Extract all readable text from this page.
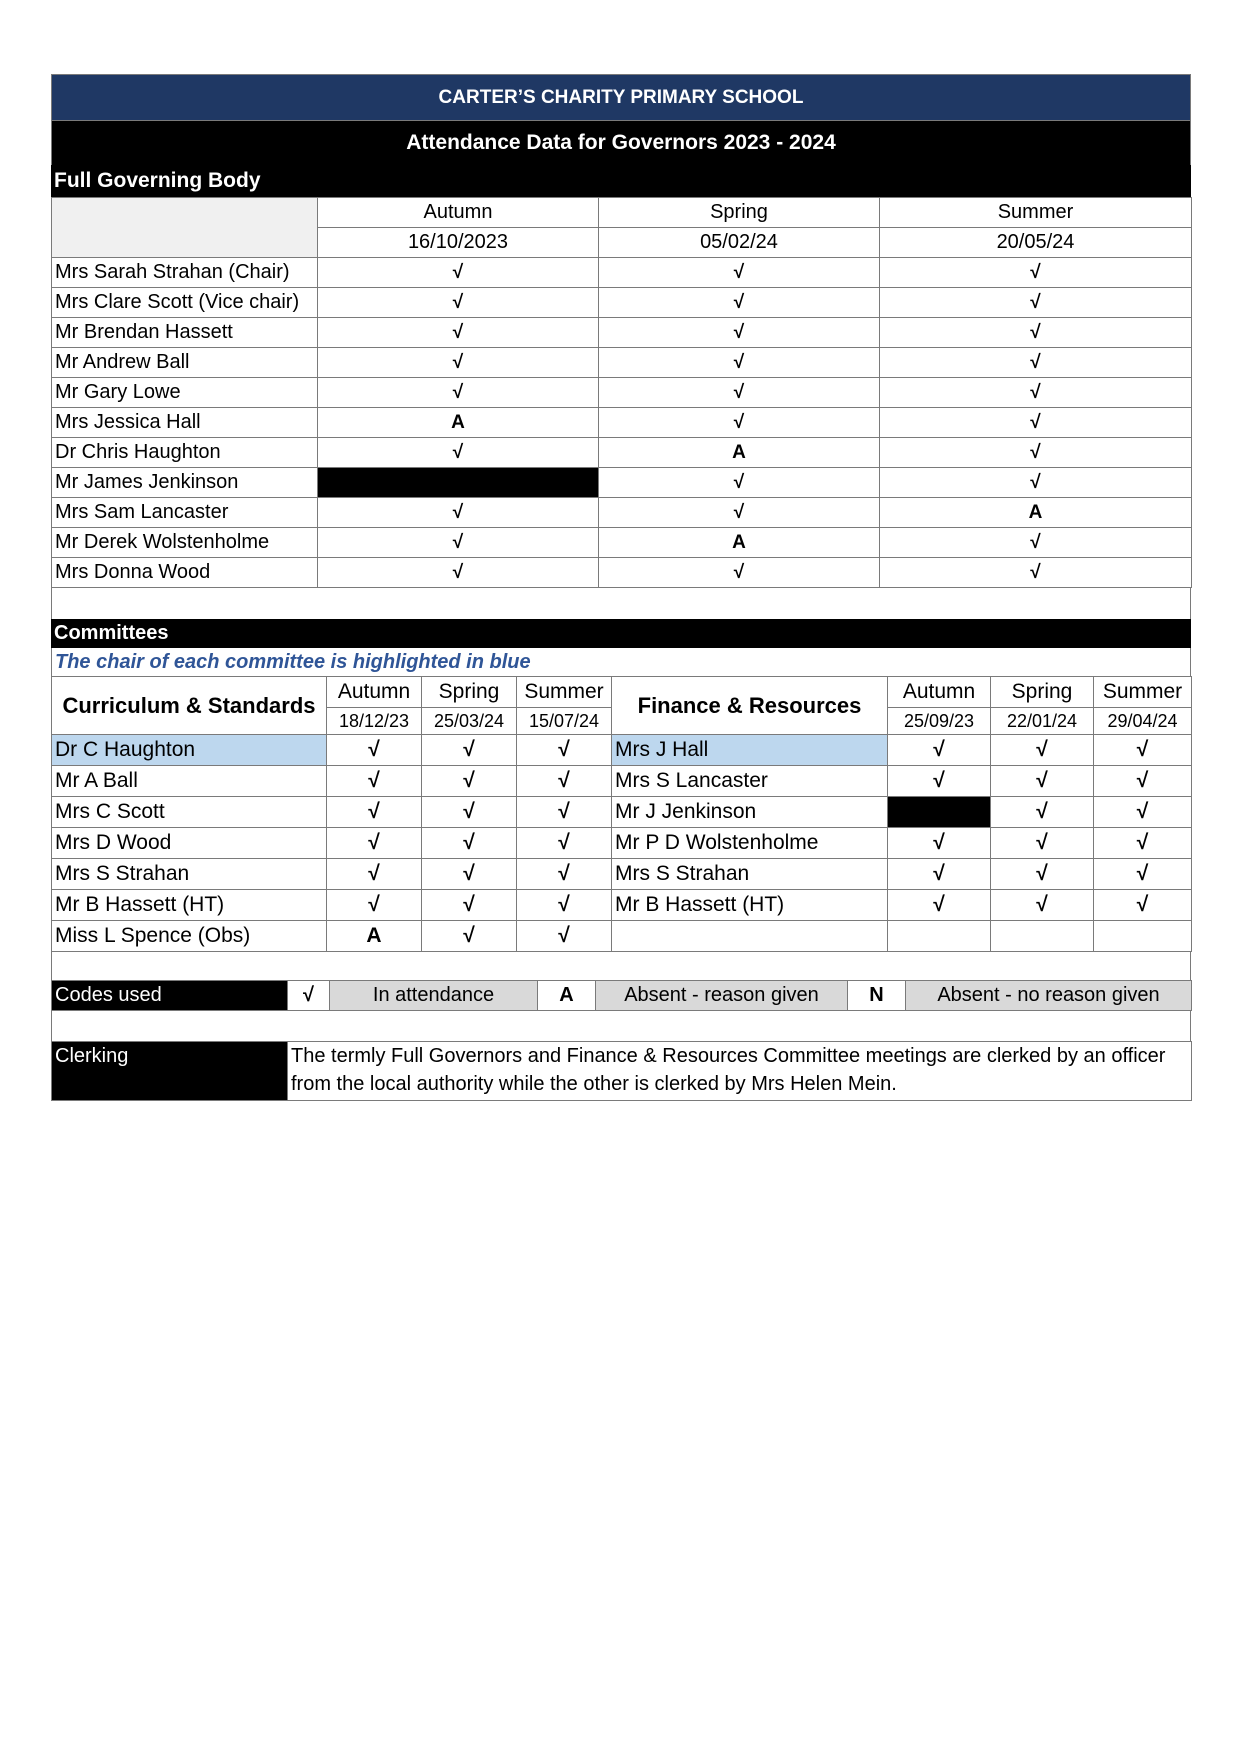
CARTER’S CHARITY PRIMARY SCHOOL
Attendance Data for Governors 2023 - 2024
Full Governing Body
	Autumn	Spring	Summer
	16/10/2023	05/02/24	20/05/24
Mrs Sarah Strahan (Chair)	√	√	√
Mrs Clare Scott (Vice chair)	√	√	√
Mr Brendan Hassett	√	√	√
Mr Andrew Ball	√	√	√
Mr Gary Lowe	√	√	√
Mrs Jessica Hall	A	√	√
Dr Chris Haughton	√	A	√
Mr James Jenkinson		√	√
Mrs Sam Lancaster	√	√	A
Mr Derek Wolstenholme	√	A	√
Mrs Donna Wood	√	√	√
Committees
The chair of each committee is highlighted in blue
Curriculum & Standards	Autumn	Spring	Summer	Finance & Resources	Autumn	Spring	Summer
	18/12/23	25/03/24	15/07/24		25/09/23	22/01/24	29/04/24
Dr C Haughton	√	√	√	Mrs J Hall	√	√	√
Mr A Ball	√	√	√	Mrs S Lancaster	√	√	√
Mrs C Scott	√	√	√	Mr J Jenkinson		√	√
Mrs D Wood	√	√	√	Mr P D Wolstenholme	√	√	√
Mrs S Strahan	√	√	√	Mrs S Strahan	√	√	√
Mr B Hassett (HT)	√	√	√	Mr B Hassett (HT)	√	√	√
Miss L Spence (Obs)	A	√	√				
Codes used	√	In attendance	A	Absent - reason given	N	Absent - no reason given
Clerking	The termly Full Governors and Finance & Resources Committee meetings are clerked by an officer from the local authority while the other is clerked by Mrs Helen Mein.
